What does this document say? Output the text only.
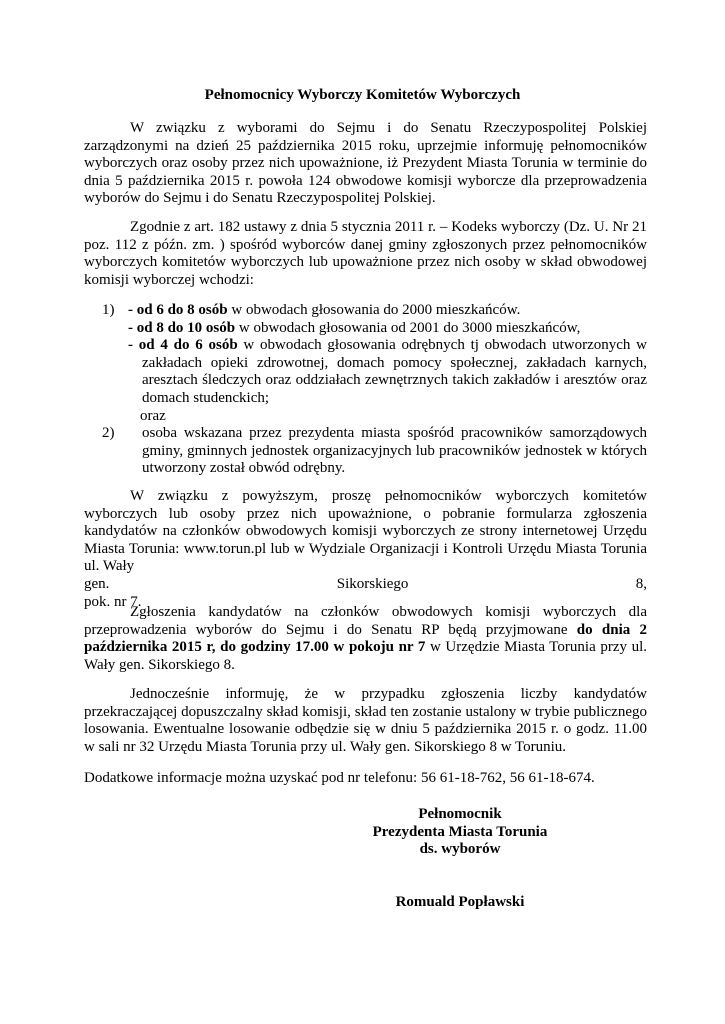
Pełnomocnicy Wyborczy Komitetów Wyborczych
W związku z wyborami do Sejmu i do Senatu Rzeczypospolitej Polskiej zarządzonymi na dzień 25 października 2015 roku, uprzejmie informuję pełnomocników wyborczych oraz osoby przez nich upoważnione, iż Prezydent Miasta Torunia w terminie do dnia 5 października 2015 r. powoła 124 obwodowe komisji wyborcze dla przeprowadzenia wyborów do Sejmu i do Senatu Rzeczypospolitej Polskiej.
Zgodnie z art. 182 ustawy z dnia 5 stycznia 2011 r. – Kodeks wyborczy (Dz. U. Nr 21 poz. 112 z późn. zm. ) spośród wyborców danej gminy zgłoszonych przez pełnomocników wyborczych komitetów wyborczych lub upoważnione przez nich osoby w skład obwodowej komisji wyborczej wchodzi:
1) - od 6 do 8 osób w obwodach głosowania do 2000 mieszkańców.
- od 8 do 10 osób w obwodach głosowania od 2001 do 3000 mieszkańców,
- od 4 do 6 osób w obwodach głosowania odrębnych tj obwodach utworzonych w zakładach opieki zdrowotnej, domach pomocy społecznej, zakładach karnych, aresztach śledczych oraz oddziałach zewnętrznych takich zakładów i aresztów oraz domach studenckich;
oraz
2)	osoba wskazana przez prezydenta miasta spośród pracowników samorządowych gminy, gminnych jednostek organizacyjnych lub pracowników jednostek w których utworzony został obwód odrębny.
W związku z powyższym, proszę pełnomocników wyborczych komitetów wyborczych lub osoby przez nich upoważnione, o pobranie formularza zgłoszenia kandydatów na członków obwodowych komisji wyborczych ze strony internetowej Urzędu Miasta Torunia: www.torun.pl lub w Wydziale Organizacji i Kontroli Urzędu Miasta Torunia ul. Wały
gen. Sikorskiego 8,
pok. nr 7.
Zgłoszenia kandydatów na członków obwodowych komisji wyborczych dla przeprowadzenia wyborów do Sejmu i do Senatu RP będą przyjmowane do dnia 2 października 2015 r, do godziny 17.00 w pokoju nr 7 w Urzędzie Miasta Torunia przy ul. Wały gen. Sikorskiego 8.
Jednocześnie informuję, że w przypadku zgłoszenia liczby kandydatów przekraczającej dopuszczalny skład komisji, skład ten zostanie ustalony w trybie publicznego losowania. Ewentualne losowanie odbędzie się w dniu 5 października 2015 r. o godz. 11.00 w sali nr 32 Urzędu Miasta Torunia przy ul. Wały gen. Sikorskiego 8 w Toruniu.
Dodatkowe informacje można uzyskać pod nr telefonu: 56 61-18-762, 56 61-18-674.
Pełnomocnik
Prezydenta Miasta Torunia
ds. wyborów
Romuald Popławski
